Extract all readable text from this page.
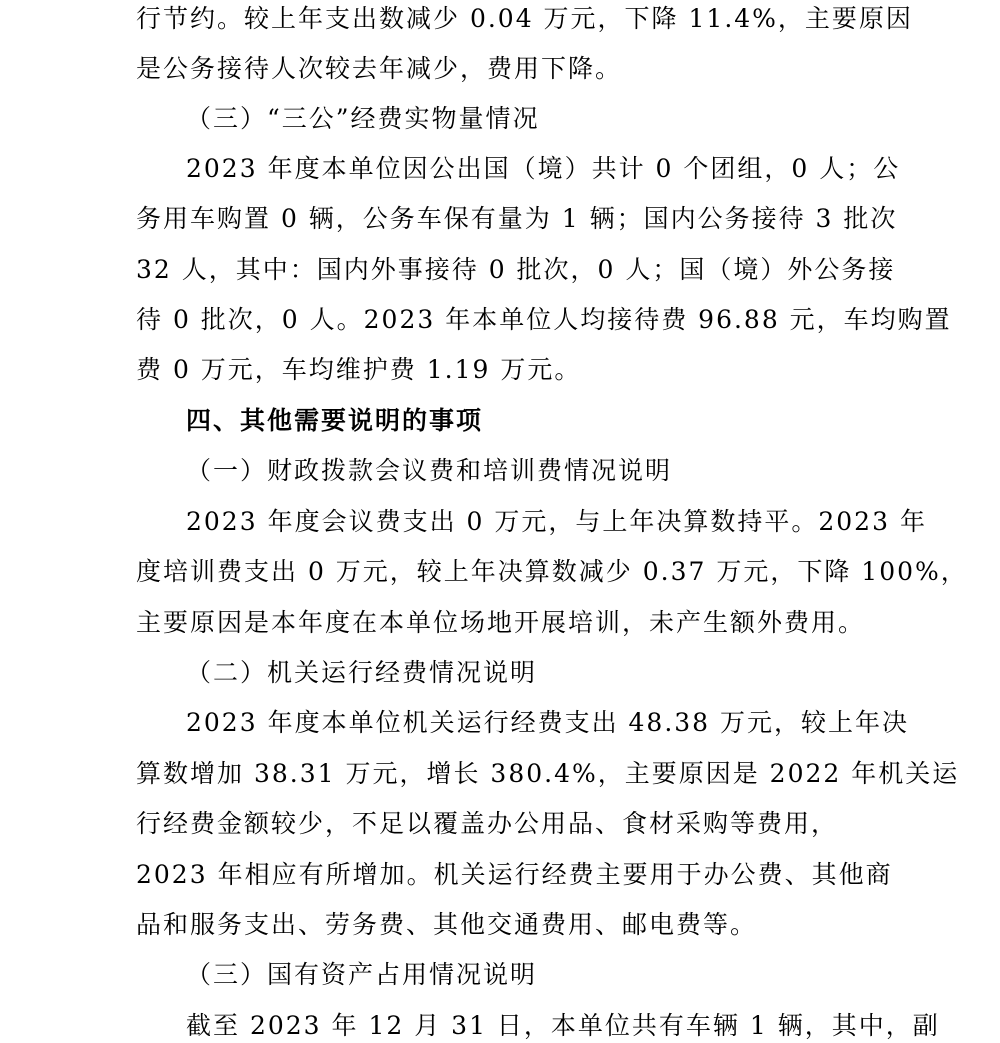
行节约。较上年支出数减少 0.04 万元，下降 11.4%，主要原因
是公务接待人次较去年减少，费用下降。
（三）“三公”经费实物量情况
2023 年度本单位因公出国（境）共计 0 个团组，0 人；公
务用车购置 0 辆，公务车保有量为 1 辆；国内公务接待 3 批次
32 人，其中：国内外事接待 0 批次，0 人；国（境）外公务接
待 0 批次，0 人。2023 年本单位人均接待费 96.88 元，车均购置
费 0 万元，车均维护费 1.19 万元。
四、其他需要说明的事项
（一）财政拨款会议费和培训费情况说明
2023 年度会议费支出 0 万元，与上年决算数持平。2023 年
度培训费支出 0 万元，较上年决算数减少 0.37 万元，下降 100%，
主要原因是本年度在本单位场地开展培训，未产生额外费用。
（二）机关运行经费情况说明
2023 年度本单位机关运行经费支出 48.38 万元，较上年决
算数增加 38.31 万元，增长 380.4%，主要原因是 2022 年机关运
行经费金额较少，不足以覆盖办公用品、食材采购等费用，
2023 年相应有所增加。机关运行经费主要用于办公费、其他商
品和服务支出、劳务费、其他交通费用、邮电费等。
（三）国有资产占用情况说明
截至 2023 年 12 月 31 日，本单位共有车辆 1 辆，其中，副
